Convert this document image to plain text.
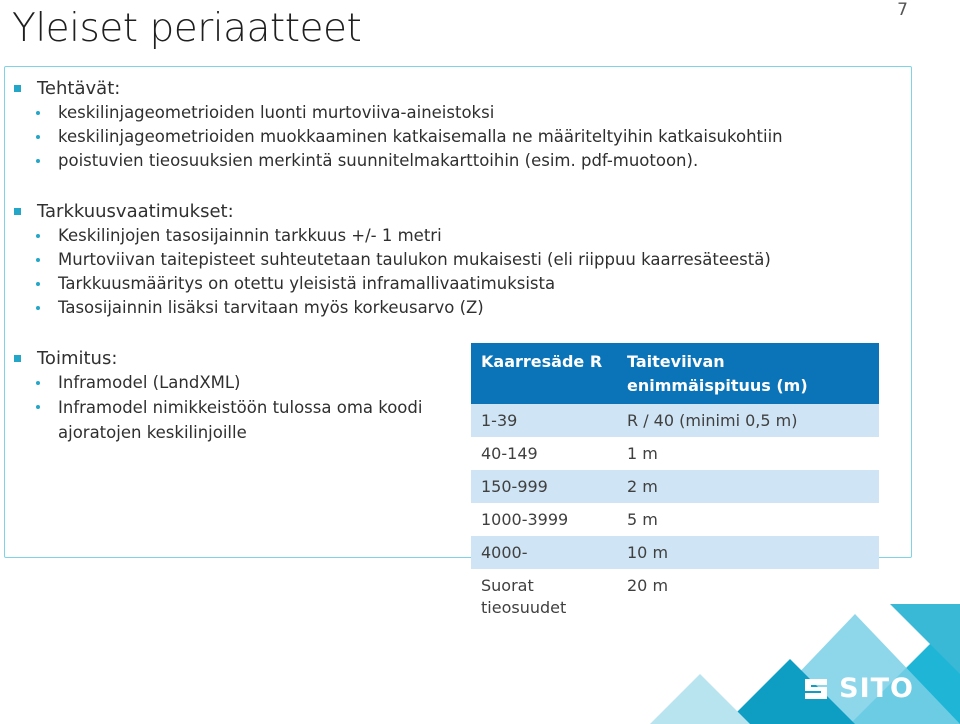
Yleiset periaatteet	7
Tehtävät:
keskilinjageometrioiden luonti murtoviiva-aineistoksi
keskilinjageometrioiden muokkaaminen katkaisemalla ne määriteltyihin katkaisukohtiin
poistuvien tieosuuksien merkintä suunnitelmakarttoihin (esim. pdf-muotoon).
Tarkkuusvaatimukset:
Keskilinjojen tasosijainnin tarkkuus +/- 1 metri
Murtoviivan taitepisteet suhteutetaan taulukon mukaisesti (eli riippuu kaarresäteestä)
Tarkkuusmääritys on otettu yleisistä inframallivaatimuksista
Tasosijainnin lisäksi tarvitaan myös korkeusarvo (Z)
Toimitus:
Inframodel (LandXML)
Inframodel nimikkeistöön tulossa oma koodi ajoratojen keskilinjoille
Kaarresäde R	Taiteviivan enimmäispituus (m)
1-39	R / 40 (minimi 0,5 m)
40-149	1 m
150-999	2 m
1000-3999	5 m
4000-	10 m
Suorat tieosuudet	20 m
SITO
